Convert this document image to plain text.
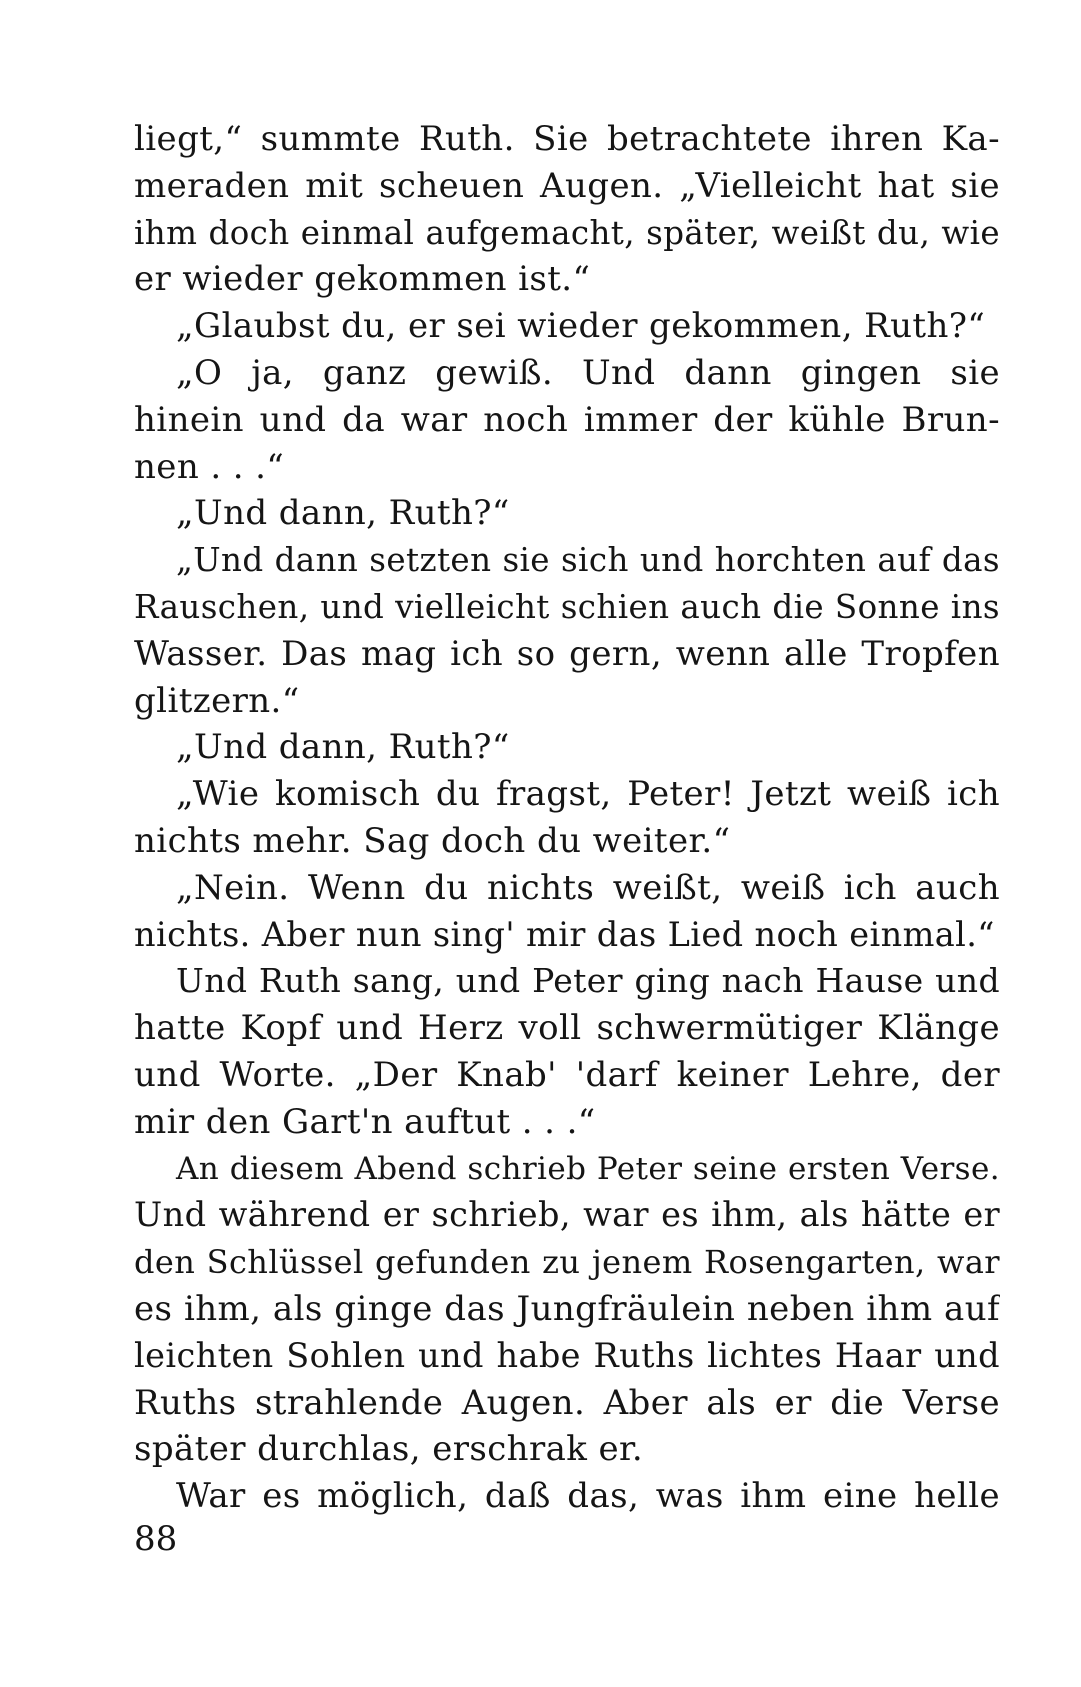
liegt,“ summte Ruth. Sie betrachtete ihren Ka-
meraden mit scheuen Augen. „Vielleicht hat sie
ihm doch einmal aufgemacht, später, weißt du, wie
er wieder gekommen ist.“
„Glaubst du, er sei wieder gekommen, Ruth?“
„O ja, ganz gewiß. Und dann gingen sie
hinein und da war noch immer der kühle Brun-
nen . . .“
„Und dann, Ruth?“
„Und dann setzten sie sich und horchten auf das
Rauschen, und vielleicht schien auch die Sonne ins
Wasser. Das mag ich so gern, wenn alle Tropfen
glitzern.“
„Und dann, Ruth?“
„Wie komisch du fragst, Peter! Jetzt weiß ich
nichts mehr. Sag doch du weiter.“
„Nein. Wenn du nichts weißt, weiß ich auch
nichts. Aber nun sing' mir das Lied noch einmal.“
Und Ruth sang, und Peter ging nach Hause und
hatte Kopf und Herz voll schwermütiger Klänge
und Worte. „Der Knab' 'darf keiner Lehre, der
mir den Gart'n auftut . . .“
An diesem Abend schrieb Peter seine ersten Verse.
Und während er schrieb, war es ihm, als hätte er
den Schlüssel gefunden zu jenem Rosengarten, war
es ihm, als ginge das Jungfräulein neben ihm auf
leichten Sohlen und habe Ruths lichtes Haar und
Ruths strahlende Augen. Aber als er die Verse
später durchlas, erschrak er.
War es möglich, daß das, was ihm eine helle
88
